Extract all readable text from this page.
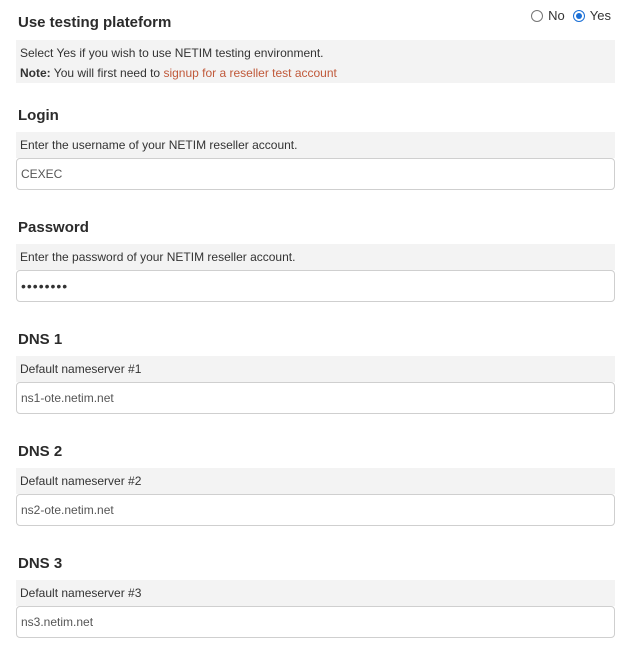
Use testing plateform
Select Yes if you wish to use NETIM testing environment.
Note: You will first need to signup for a reseller test account
No Yes
Login
Enter the username of your NETIM reseller account.
CEXEC
Password
Enter the password of your NETIM reseller account.
••••••••
DNS 1
Default nameserver #1
ns1-ote.netim.net
DNS 2
Default nameserver #2
ns2-ote.netim.net
DNS 3
Default nameserver #3
ns3.netim.net
